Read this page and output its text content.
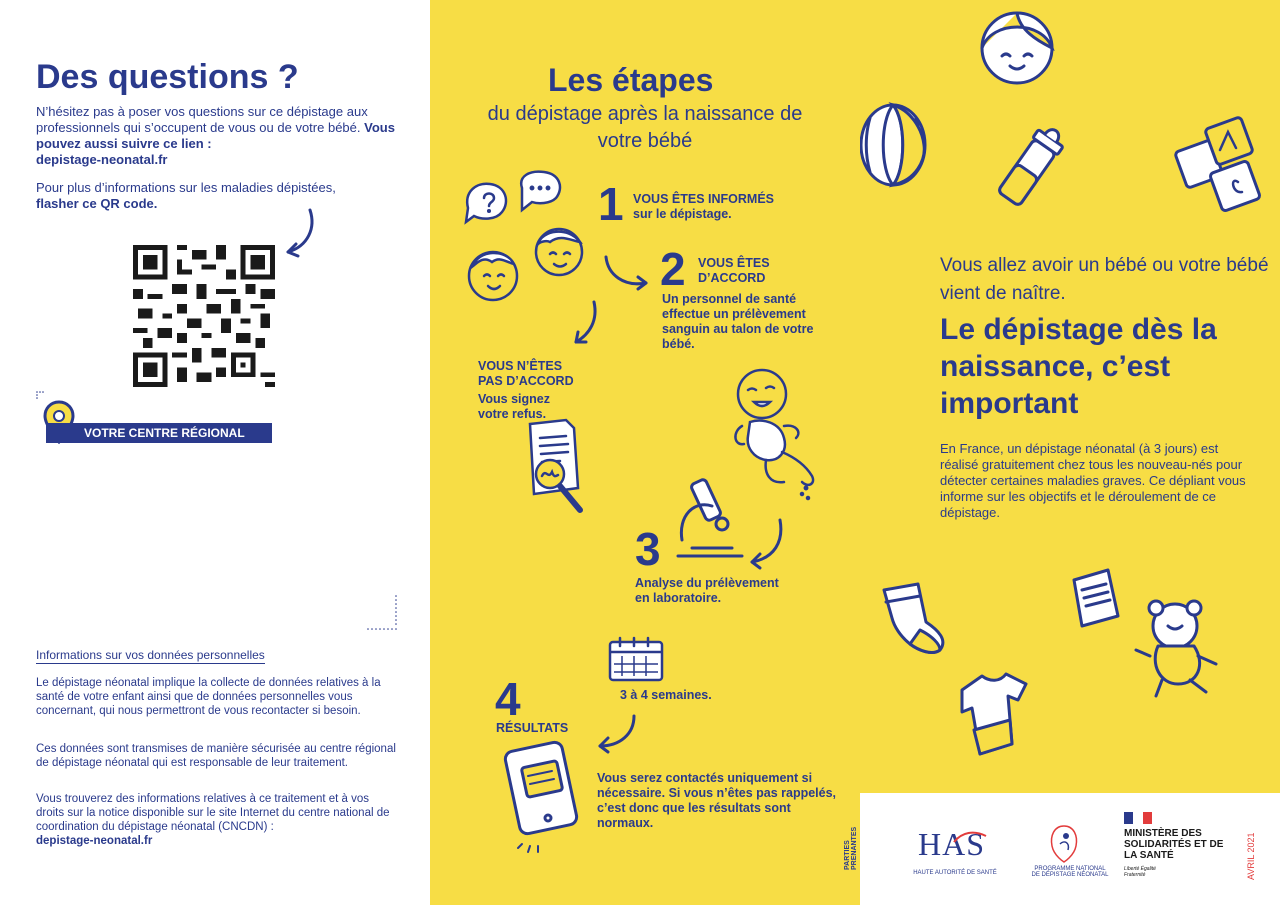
Des questions ?

N’hésitez pas à poser vos questions sur ce dépistage aux professionnels qui s’occupent de vous ou de votre bébé. Vous pouvez aussi suivre ce lien :
depistage-neonatal.fr

Pour plus d’informations sur les maladies dépistées,
flasher ce QR code.

VOTRE CENTRE RÉGIONAL
Informations sur vos données personnelles

Le dépistage néonatal implique la collecte de données relatives à la santé de votre enfant ainsi que de données personnelles vous concernant, qui nous permettront de vous recontacter si besoin.

Ces données sont transmises de manière sécurisée au centre régional de dépistage néonatal qui est responsable de leur traitement.

Vous trouverez des informations relatives à ce traitement et à vos droits sur la notice disponible sur le site Internet du centre national de coordination du dépistage néonatal (CNCDN) :
depistage-neonatal.fr

Les étapes
du dépistage après la naissance de votre bébé
1 VOUS ÊTES INFORMÉS
sur le dépistage.
2 VOUS ÊTES
D’ACCORD
Un personnel de santé effectue un prélèvement sanguin au talon de votre bébé.
VOUS N’ÊTES PAS D’ACCORD
Vous signez votre refus.
3
Analyse du prélèvement en laboratoire.
3 à 4 semaines.
4
RÉSULTATS
Vous serez contactés uniquement si nécessaire. Si vous n’êtes pas rappelés, c’est donc que les résultats sont normaux.
PARTIES PRENANTES
Vous allez avoir un bébé ou votre bébé vient de naître.
Le dépistage dès la naissance, c’est important

En France, un dépistage néonatal (à 3 jours) est réalisé gratuitement chez tous les nouveau-nés pour détecter certaines maladies graves. Ce dépliant vous informe sur les objectifs et le déroulement de ce dépistage.

HAS
HAUTE AUTORITÉ DE SANTÉ
PROGRAMME NATIONAL DE DÉPISTAGE NÉONATAL
MINISTÈRE DES SOLIDARITÉS ET DE LA SANTÉ
Liberté Égalité Fraternité	AVRIL 2021
